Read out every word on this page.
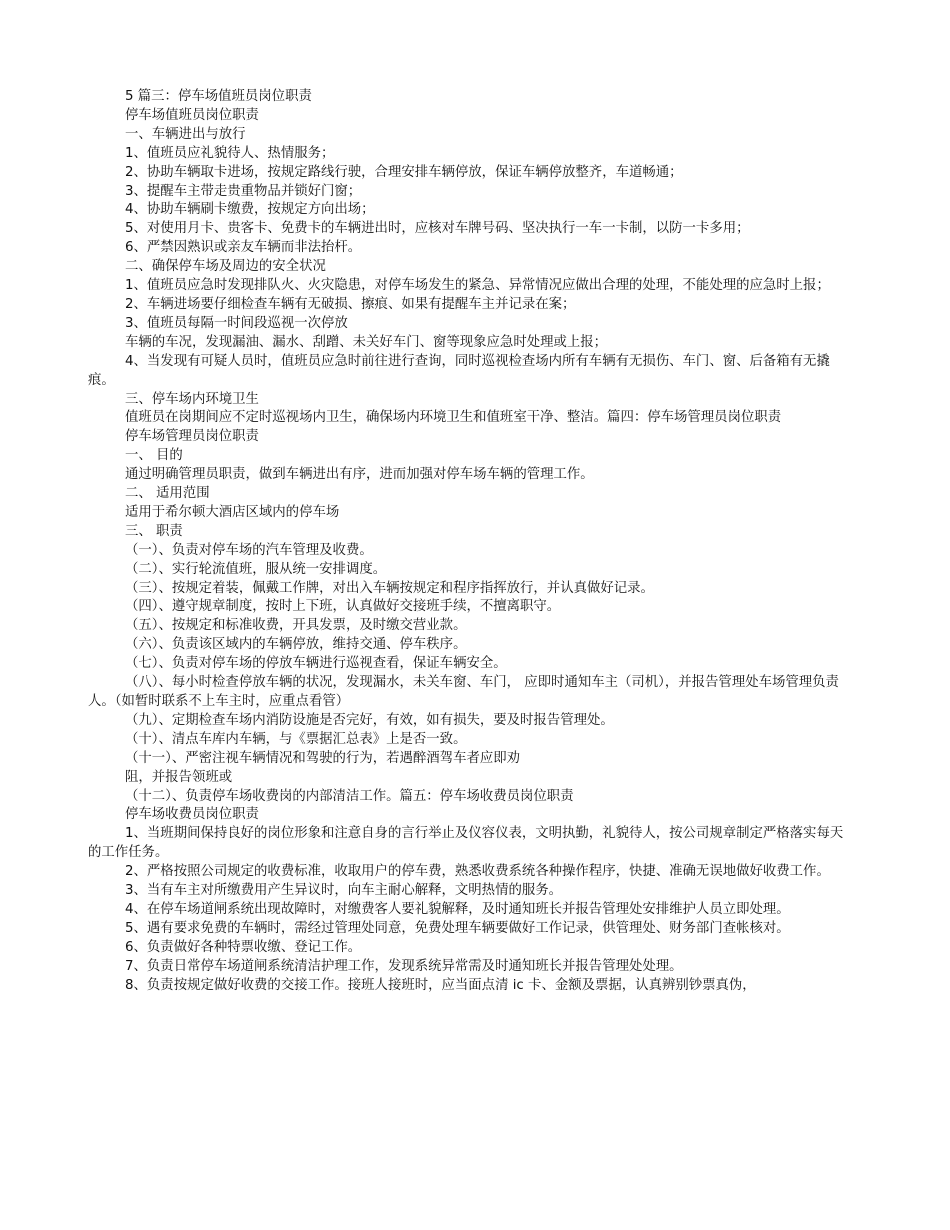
5 篇三：停车场值班员岗位职责

停车场值班员岗位职责

一、车辆进出与放行

1、值班员应礼貌待人、热情服务；

2、协助车辆取卡进场，按规定路线行驶，合理安排车辆停放，保证车辆停放整齐，车道畅通；

3、提醒车主带走贵重物品并锁好门窗；

4、协助车辆刷卡缴费，按规定方向出场；

5、对使用月卡、贵客卡、免费卡的车辆进出时，应核对车牌号码、坚决执行一车一卡制，以防一卡多用；

6、严禁因熟识或亲友车辆而非法抬杆。

二、确保停车场及周边的安全状况

1、值班员应急时发现排队火、火灾隐患，对停车场发生的紧急、异常情况应做出合理的处理，不能处理的应急时上报；

2、车辆进场要仔细检查车辆有无破损、擦痕、如果有提醒车主并记录在案；

3、值班员每隔一时间段巡视一次停放

车辆的车况，发现漏油、漏水、刮蹭、未关好车门、窗等现象应急时处理或上报；

4、当发现有可疑人员时，值班员应急时前往进行查询，同时巡视检查场内所有车辆有无损伤、车门、窗、后备箱有无撬痕。

三、停车场内环境卫生

值班员在岗期间应不定时巡视场内卫生，确保场内环境卫生和值班室干净、整洁。篇四：停车场管理员岗位职责

停车场管理员岗位职责

一、 目的

通过明确管理员职责，做到车辆进出有序，进而加强对停车场车辆的管理工作。

二、 适用范围

适用于希尔顿大酒店区域内的停车场

三、 职责

（一）、负责对停车场的汽车管理及收费。

（二）、实行轮流值班，服从统一安排调度。

（三）、按规定着装，佩戴工作牌，对出入车辆按规定和程序指挥放行，并认真做好记录。

（四）、遵守规章制度，按时上下班，认真做好交接班手续，不擅离职守。

（五）、按规定和标准收费，开具发票，及时缴交营业款。

（六）、负责该区域内的车辆停放，维持交通、停车秩序。

（七）、负责对停车场的停放车辆进行巡视查看，保证车辆安全。

（八）、每小时检查停放车辆的状况，发现漏水，未关车窗、车门， 应即时通知车主（司机），并报告管理处车场管理负责人。（如暂时联系不上车主时，应重点看管）

（九）、定期检查车场内消防设施是否完好，有效，如有损失，要及时报告管理处。

（十）、清点车库内车辆，与《票据汇总表》上是否一致。

（十一）、严密注视车辆情况和驾驶的行为，若遇醉酒驾车者应即劝

阻，并报告领班或

（十二）、负责停车场收费岗的内部清洁工作。篇五：停车场收费员岗位职责

停车场收费员岗位职责

1、当班期间保持良好的岗位形象和注意自身的言行举止及仪容仪表，文明执勤，礼貌待人，按公司规章制定严格落实每天的工作任务。

2、严格按照公司规定的收费标准，收取用户的停车费，熟悉收费系统各种操作程序，快捷、准确无误地做好收费工作。

3、当有车主对所缴费用产生异议时，向车主耐心解释，文明热情的服务。

4、在停车场道闸系统出现故障时，对缴费客人要礼貌解释，及时通知班长并报告管理处安排维护人员立即处理。

5、遇有要求免费的车辆时，需经过管理处同意，免费处理车辆要做好工作记录，供管理处、财务部门查帐核对。

6、负责做好各种特票收缴、登记工作。

7、负责日常停车场道闸系统清洁护理工作，发现系统异常需及时通知班长并报告管理处处理。

8、负责按规定做好收费的交接工作。接班人接班时，应当面点清 ic 卡、金额及票据，认真辨别钞票真伪，
